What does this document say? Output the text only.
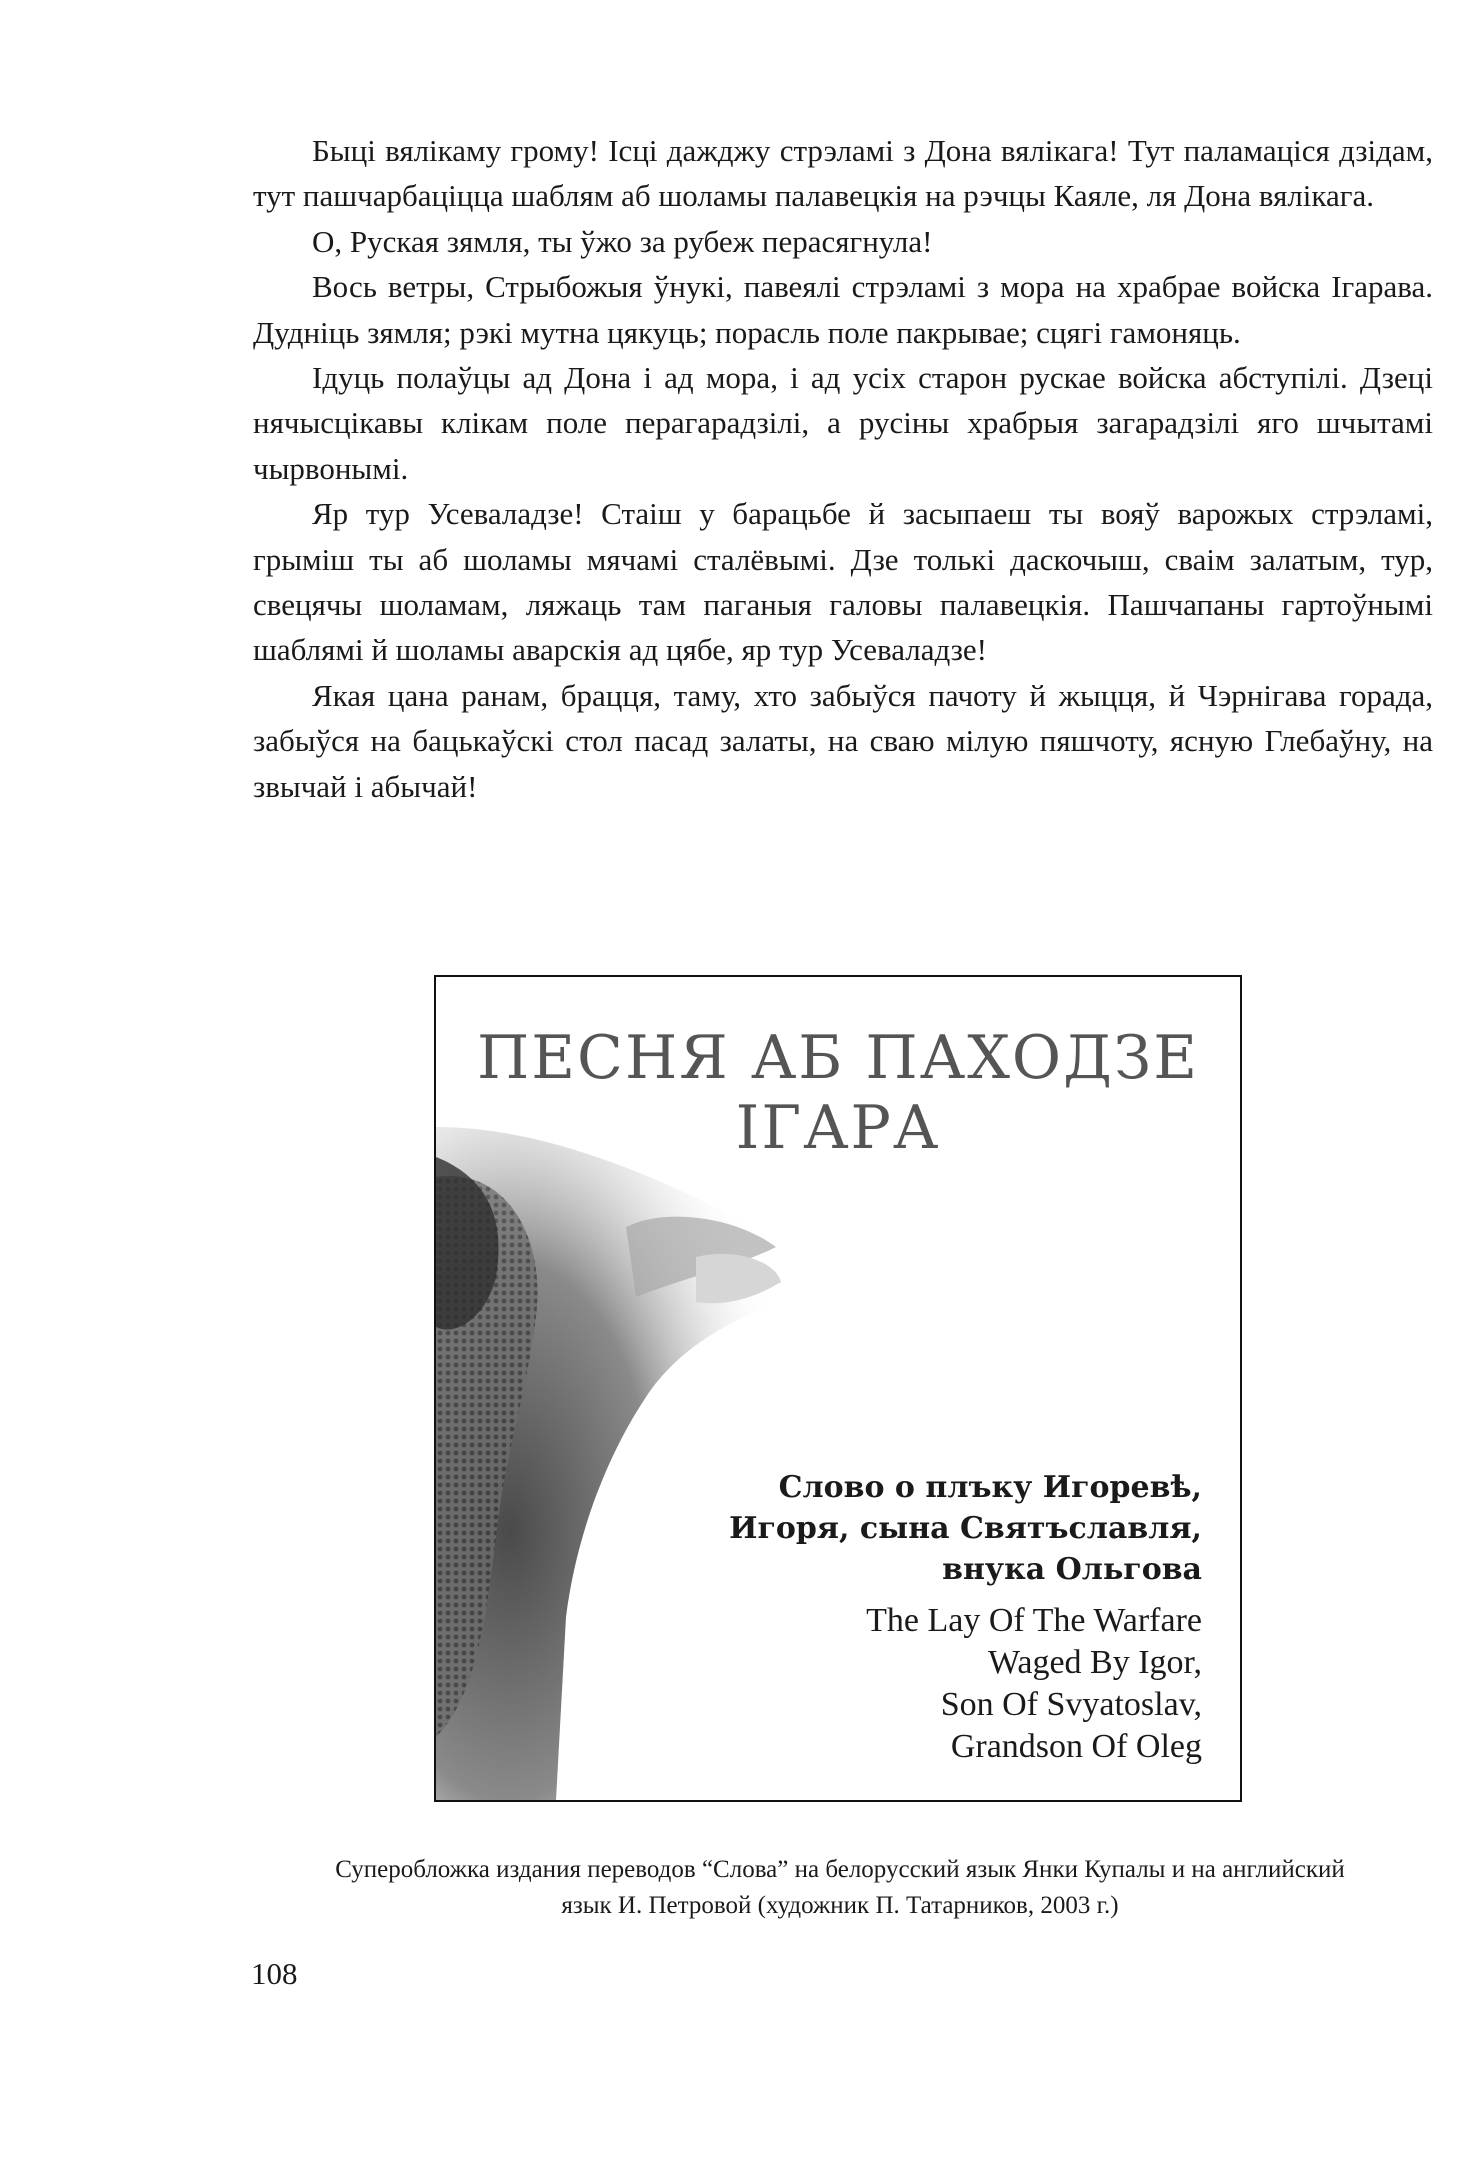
Быці вялікаму грому! Ісці дажджу стрэламі з Дона вялікага! Тут паламаціся дзідам, тут пашчарбаціцца шаблям аб шоламы палавецкія на рэчцы Каяле, ля Дона вялікага.

О, Руская зямля, ты ўжо за рубеж перасягнула!

Вось ветры, Стрыбожыя ўнукі, павеялі стрэламі з мора на храбрае войска Ігарава. Дудніць зямля; рэкі мутна цякуць; порасль поле пакрывае; сцягі гамоняць.

Ідуць полаўцы ад Дона і ад мора, і ад усіх старон рускае войска абступілі. Дзеці нячысцікавы клікам поле перагарадзілі, а русіны храбрыя загарадзілі яго шчытамі чырвонымі.

Яр тур Усеваладзе! Стаіш у барацьбе й засыпаеш ты вояў варожых стрэламі, грыміш ты аб шоламы мячамі сталёвымі. Дзе толькі даскочыш, сваім залатым, тур, свецячы шоламам, ляжаць там паганыя галовы палавецкія. Пашчапаны гартоўнымі шаблямі й шоламы аварскія ад цябе, яр тур Усеваладзе!

Якая цана ранам, брацця, таму, хто забыўся пачоту й жыцця, й Чэрнігава горада, забыўся на бацькаўскі стол пасад залаты, на сваю мілую пяшчоту, ясную Глебаўну, на звычай і абычай!

ПЕСНЯ АБ ПАХОДЗЕ ІГАРА
Слово о плъку Игоревѣ,
Игоря, сына Святъславля,
внука Ольгова
The Lay Of The Warfare
Waged By Igor,
Son Of Svyatoslav,
Grandson Of Oleg
Суперобложка издания переводов “Слова” на белорусский язык Янки Купалы и на английский
язык И. Петровой (художник П. Татарников, 2003 г.)
108
